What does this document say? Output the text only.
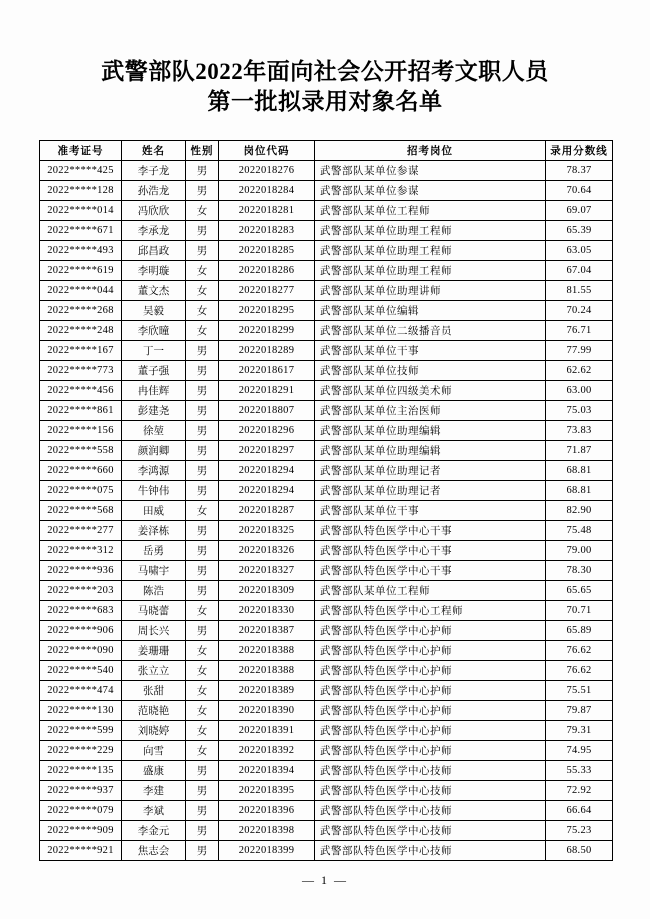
武警部队2022年面向社会公开招考文职人员
第一批拟录用对象名单
准考证号	姓名	性别	岗位代码	招考岗位	录用分数线
2022*****425	李子龙	男	2022018276	武警部队某单位参谋	78.37
2022*****128	孙浩龙	男	2022018284	武警部队某单位参谋	70.64
2022*****014	冯欣欣	女	2022018281	武警部队某单位工程师	69.07
2022*****671	李承龙	男	2022018283	武警部队某单位助理工程师	65.39
2022*****493	邱昌政	男	2022018285	武警部队某单位助理工程师	63.05
2022*****619	李明璇	女	2022018286	武警部队某单位助理工程师	67.04
2022*****044	董文杰	女	2022018277	武警部队某单位助理讲师	81.55
2022*****268	吴毅	女	2022018295	武警部队某单位编辑	70.24
2022*****248	李欣曈	女	2022018299	武警部队某单位二级播音员	76.71
2022*****167	丁一	男	2022018289	武警部队某单位干事	77.99
2022*****773	董子强	男	2022018617	武警部队某单位技师	62.62
2022*****456	冉佳辉	男	2022018291	武警部队某单位四级美术师	63.00
2022*****861	彭建尧	男	2022018807	武警部队某单位主治医师	75.03
2022*****156	徐堃	男	2022018296	武警部队某单位助理编辑	73.83
2022*****558	颜润卿	男	2022018297	武警部队某单位助理编辑	71.87
2022*****660	李鸿源	男	2022018294	武警部队某单位助理记者	68.81
2022*****075	牛钟伟	男	2022018294	武警部队某单位助理记者	68.81
2022*****568	田威	女	2022018287	武警部队某单位干事	82.90
2022*****277	姜泽栋	男	2022018325	武警部队特色医学中心干事	75.48
2022*****312	岳勇	男	2022018326	武警部队特色医学中心干事	79.00
2022*****936	马啸宇	男	2022018327	武警部队特色医学中心干事	78.30
2022*****203	陈浩	男	2022018309	武警部队某单位工程师	65.65
2022*****683	马晓蕾	女	2022018330	武警部队特色医学中心工程师	70.71
2022*****906	周长兴	男	2022018387	武警部队特色医学中心护师	65.89
2022*****090	姜珊珊	女	2022018388	武警部队特色医学中心护师	76.62
2022*****540	张立立	女	2022018388	武警部队特色医学中心护师	76.62
2022*****474	张甜	女	2022018389	武警部队特色医学中心护师	75.51
2022*****130	范晓艳	女	2022018390	武警部队特色医学中心护师	79.87
2022*****599	刘晓婷	女	2022018391	武警部队特色医学中心护师	79.31
2022*****229	向雪	女	2022018392	武警部队特色医学中心护师	74.95
2022*****135	盛康	男	2022018394	武警部队特色医学中心技师	55.33
2022*****937	李建	男	2022018395	武警部队特色医学中心技师	72.92
2022*****079	李斌	男	2022018396	武警部队特色医学中心技师	66.64
2022*****909	李金元	男	2022018398	武警部队特色医学中心技师	75.23
2022*****921	焦志会	男	2022018399	武警部队特色医学中心技师	68.50
— 1 —
